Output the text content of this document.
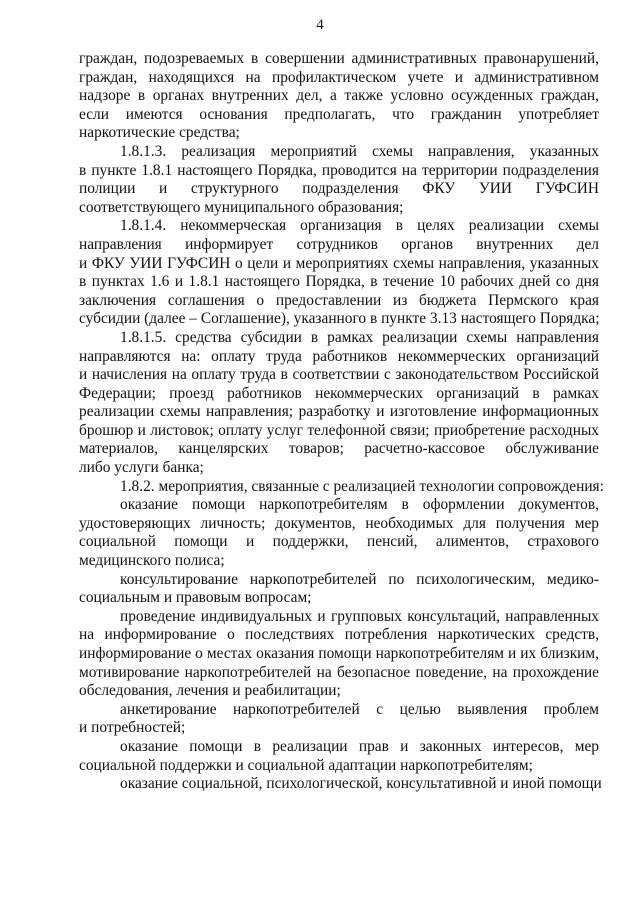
4
граждан, подозреваемых в совершении административных правонарушений,
граждан, находящихся на профилактическом учете и административном
надзоре в органах внутренних дел, а также условно осужденных граждан,
если имеются основания предполагать, что гражданин употребляет
наркотические средства;
1.8.1.3. реализация мероприятий схемы направления, указанных
в пункте 1.8.1 настоящего Порядка, проводится на территории подразделения
полиции и структурного подразделения ФКУ УИИ ГУФСИН
соответствующего муниципального образования;
1.8.1.4. некоммерческая организация в целях реализации схемы
направления информирует сотрудников органов внутренних дел
и ФКУ УИИ ГУФСИН о цели и мероприятиях схемы направления, указанных
в пунктах 1.6 и 1.8.1 настоящего Порядка, в течение 10 рабочих дней со дня
заключения соглашения о предоставлении из бюджета Пермского края
субсидии (далее – Соглашение), указанного в пункте 3.13 настоящего Порядка;
1.8.1.5. средства субсидии в рамках реализации схемы направления
направляются на: оплату труда работников некоммерческих организаций
и начисления на оплату труда в соответствии с законодательством Российской
Федерации; проезд работников некоммерческих организаций в рамках
реализации схемы направления; разработку и изготовление информационных
брошюр и листовок; оплату услуг телефонной связи; приобретение расходных
материалов, канцелярских товаров; расчетно-кассовое обслуживание
либо услуги банка;
1.8.2. мероприятия, связанные с реализацией технологии сопровождения:
оказание помощи наркопотребителям в оформлении документов,
удостоверяющих личность; документов, необходимых для получения мер
социальной помощи и поддержки, пенсий, алиментов, страхового
медицинского полиса;
консультирование наркопотребителей по психологическим, медико-
социальным и правовым вопросам;
проведение индивидуальных и групповых консультаций, направленных
на информирование о последствиях потребления наркотических средств,
информирование о местах оказания помощи наркопотребителям и их близким,
мотивирование наркопотребителей на безопасное поведение, на прохождение
обследования, лечения и реабилитации;
анкетирование наркопотребителей с целью выявления проблем
и потребностей;
оказание помощи в реализации прав и законных интересов, мер
социальной поддержки и социальной адаптации наркопотребителям;
оказание социальной, психологической, консультативной и иной помощи
